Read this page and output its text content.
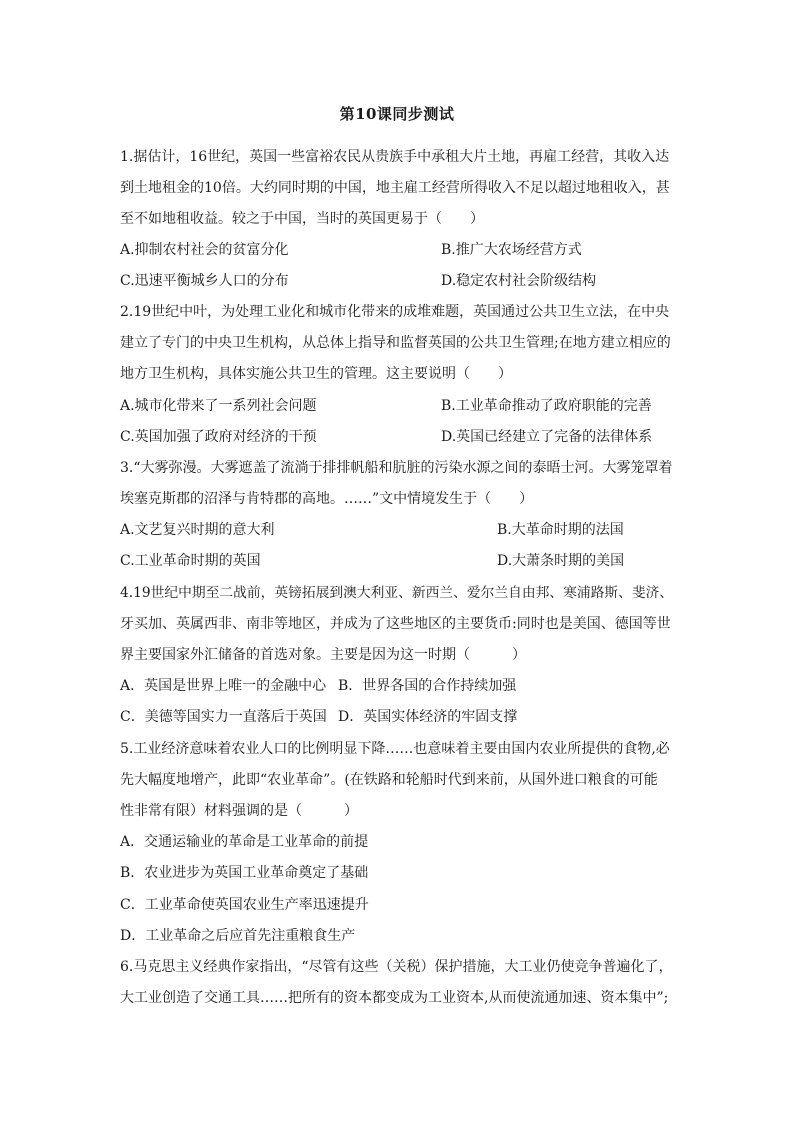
第10课同步测试
1.据估计，16世纪，英国一些富裕农民从贵族手中承租大片土地，再雇工经营，其收入达
到土地租金的10倍。大约同时期的中国，地主雇工经营所得收入不足以超过地租收入，甚
至不如地租收益。较之于中国，当时的英国更易于（　　）
A.抑制农村社会的贫富分化	B.推广大农场经营方式
C.迅速平衡城乡人口的分布	D.稳定农村社会阶级结构
2.19世纪中叶，为处理工业化和城市化带来的成堆难题，英国通过公共卫生立法，在中央
建立了专门的中央卫生机构，从总体上指导和监督英国的公共卫生管理;在地方建立相应的
地方卫生机构，具体实施公共卫生的管理。这主要说明（　　）
A.城市化带来了一系列社会问题	B.工业革命推动了政府职能的完善
C.英国加强了政府对经济的干预	D.英国已经建立了完备的法律体系
3.“大雾弥漫。大雾遮盖了流淌于排排帆船和肮脏的污染水源之间的泰晤士河。大雾笼罩着
埃塞克斯郡的沼泽与肯特郡的高地。……”文中情境发生于（　　）
A.文艺复兴时期的意大利	B.大革命时期的法国
C.工业革命时期的英国	D.大萧条时期的美国
4.19世纪中期至二战前，英镑拓展到澳大利亚、新西兰、爱尔兰自由邦、寒浦路斯、斐济、
牙买加、英属西非、南非等地区，并成为了这些地区的主要货币:同时也是美国、德国等世
界主要国家外汇储备的首选对象。主要是因为这一时期（　　　）
A．英国是世界上唯一的金融中心 B．世界各国的合作持续加强
C．美德等国实力一直落后于英国 D．英国实体经济的牢固支撑
5.工业经济意味着农业人口的比例明显下降……也意味着主要由国内农业所提供的食物,必
先大幅度地增产，此即“农业革命”。(在铁路和轮船时代到来前，从国外进口粮食的可能
性非常有限）材料强调的是（　　　）
A．交通运输业的革命是工业革命的前提
B．农业进步为英国工业革命奠定了基础
C．工业革命使英国农业生产率迅速提升
D．工业革命之后应首先注重粮食生产
6.马克思主义经典作家指出，“尽管有这些（关税）保护措施，大工业仍使竞争普遍化了，
大工业创造了交通工具……把所有的资本都变成为工业资本,从而使流通加速、资本集中”;
